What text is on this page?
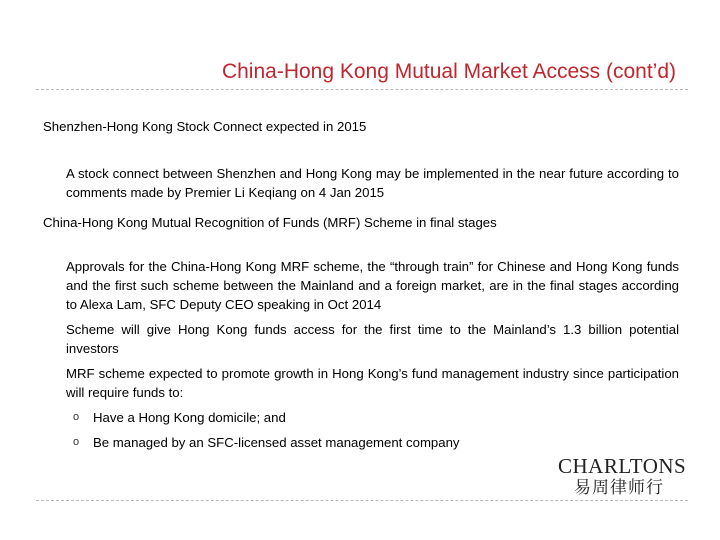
China-Hong Kong Mutual Market Access (cont’d)

Shenzhen-Hong Kong Stock Connect expected in 2015

A stock connect between Shenzhen and Hong Kong may be implemented in the near future according to comments made by Premier Li Keqiang on 4 Jan 2015

China-Hong Kong Mutual Recognition of Funds (MRF) Scheme in final stages

Approvals for the China-Hong Kong MRF scheme, the “through train” for Chinese and Hong Kong funds and the first such scheme between the Mainland and a foreign market, are in the final stages according to Alexa Lam, SFC Deputy CEO speaking in Oct 2014
Scheme will give Hong Kong funds access for the first time to the Mainland’s 1.3 billion potential investors
MRF scheme expected to promote growth in Hong Kong’s fund management industry since participation will require funds to:
o Have a Hong Kong domicile; and
o Be managed by an SFC-licensed asset management company
CHARLTONS
易周律师行
